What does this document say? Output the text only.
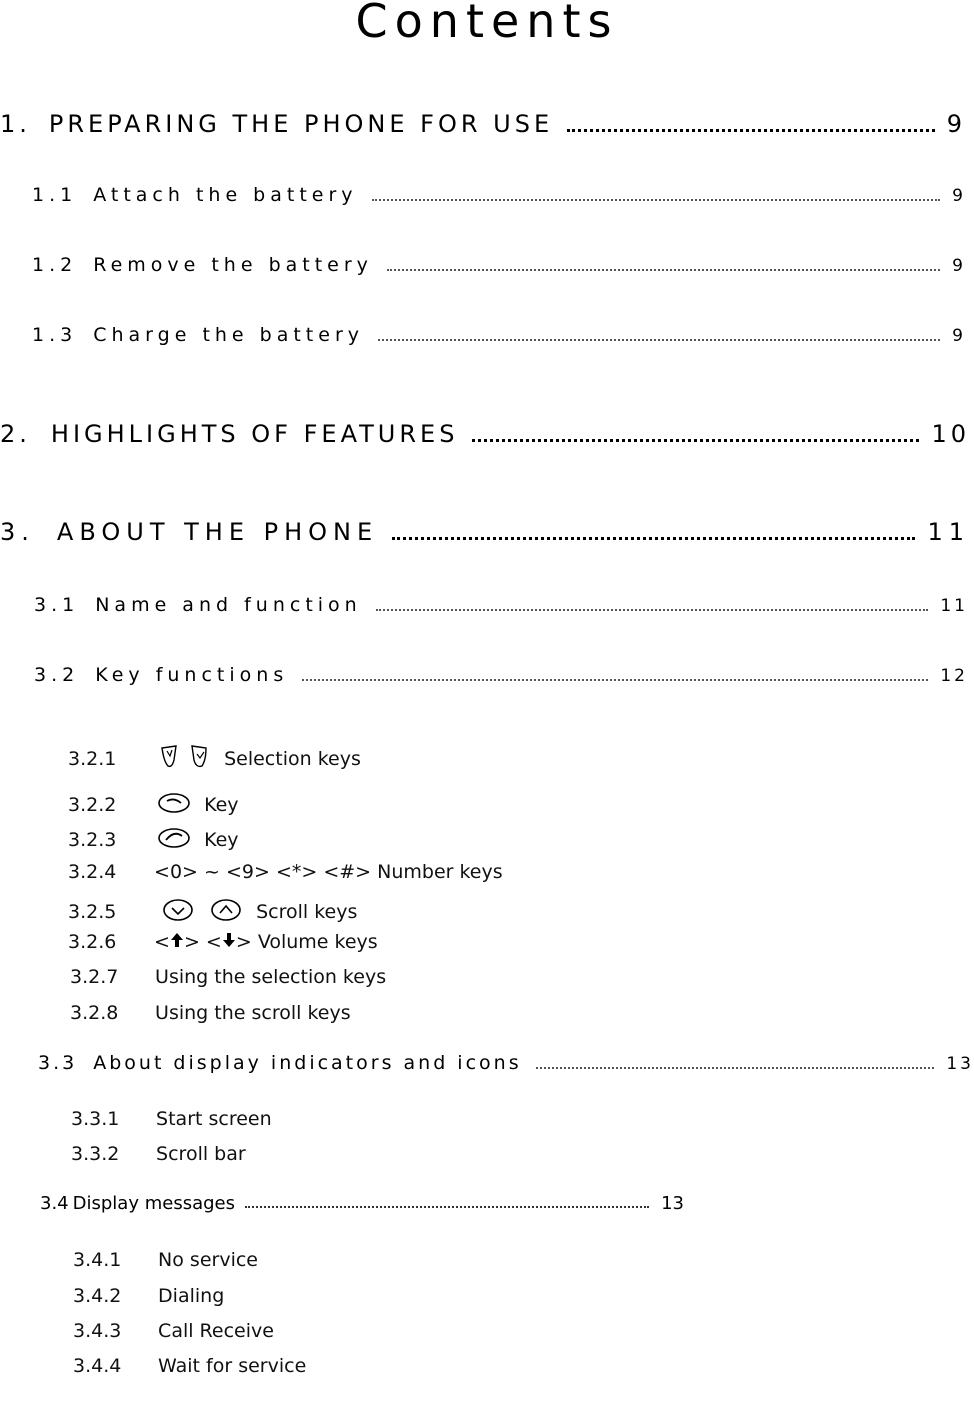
Contents
1. PREPARING THE PHONE FOR USE	9
1.1 Attach the battery	9
1.2 Remove the battery	9
1.3 Charge the battery	9
2. HIGHLIGHTS OF FEATURES	10
3. ABOUT THE PHONE	11
3.1 Name and function	11
3.2 Key functions	12
3.2.1	Selection keys
3.2.2	Key
3.2.3	Key
3.2.4 <0> ~ <9> <*> <#> Number keys
3.2.5	Scroll keys
3.2.6 < > < > Volume keys
3.2.7 Using the selection keys
3.2.8 Using the scroll keys
3.3 About display indicators and icons	13
3.3.1 Start screen
3.3.2 Scroll bar
3.4 Display messages	13
3.4.1 No service
3.4.2 Dialing
3.4.3 Call Receive
3.4.4 Wait for service
